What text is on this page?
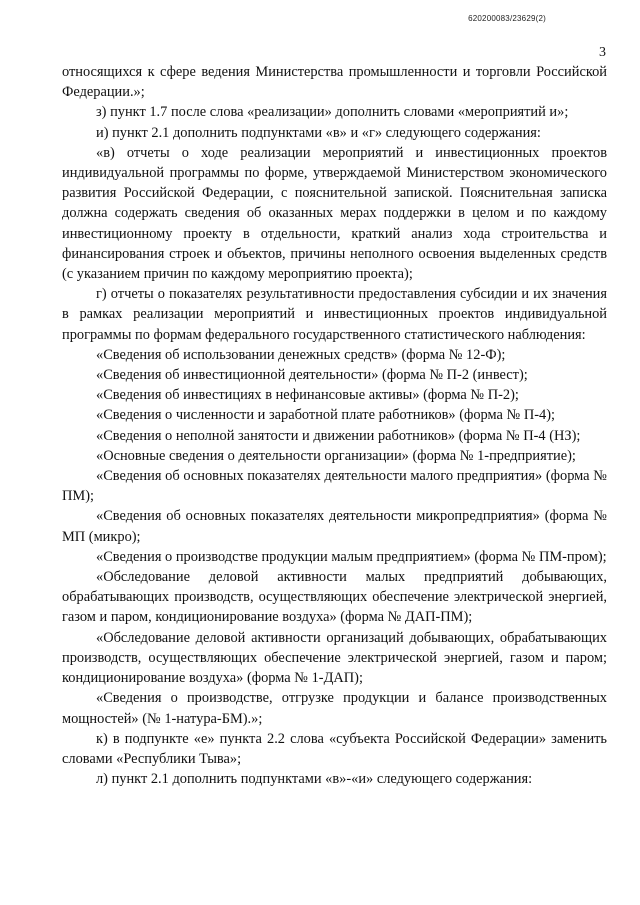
620200083/23629(2)
3

относящихся к сфере ведения Министерства промышленности и торговли Российской Федерации.»;

з) пункт 1.7 после слова «реализации» дополнить словами «мероприятий и»;

и) пункт 2.1 дополнить подпунктами «в» и «г» следующего содержания:

«в) отчеты о ходе реализации мероприятий и инвестиционных проектов индивидуальной программы по форме, утверждаемой Министерством экономического развития Российской Федерации, с пояснительной запиской. Пояснительная записка должна содержать сведения об оказанных мерах поддержки в целом и по каждому инвестиционному проекту в отдельности, краткий анализ хода строительства и финансирования строек и объектов, причины неполного освоения выделенных средств (с указанием причин по каждому мероприятию проекта);

г) отчеты о показателях результативности предоставления субсидии и их значения в рамках реализации мероприятий и инвестиционных проектов индивидуальной программы по формам федерального государственного статистического наблюдения:

«Сведения об использовании денежных средств» (форма № 12-Ф);

«Сведения об инвестиционной деятельности» (форма № П-2 (инвест);

«Сведения об инвестициях в нефинансовые активы» (форма № П-2);

«Сведения о численности и заработной плате работников» (форма № П-4);

«Сведения о неполной занятости и движении работников» (форма № П-4 (НЗ);

«Основные сведения о деятельности организации» (форма № 1-предприятие);

«Сведения об основных показателях деятельности малого предприятия» (форма № ПМ);

«Сведения об основных показателях деятельности микропредприятия» (форма № МП (микро);

«Сведения о производстве продукции малым предприятием» (форма № ПМ-пром);

«Обследование деловой активности малых предприятий добывающих, обрабатывающих производств, осуществляющих обеспечение электрической энергией, газом и паром, кондиционирование воздуха» (форма № ДАП-ПМ);

«Обследование деловой активности организаций добывающих, обрабатывающих производств, осуществляющих обеспечение электрической энергией, газом и паром; кондиционирование воздуха» (форма № 1-ДАП);

«Сведения о производстве, отгрузке продукции и балансе производственных мощностей» (№ 1-натура-БМ).»;

к) в подпункте «е» пункта 2.2 слова «субъекта Российской Федерации» заменить словами «Республики Тыва»;

л) пункт 2.1 дополнить подпунктами «в»-«и» следующего содержания:
